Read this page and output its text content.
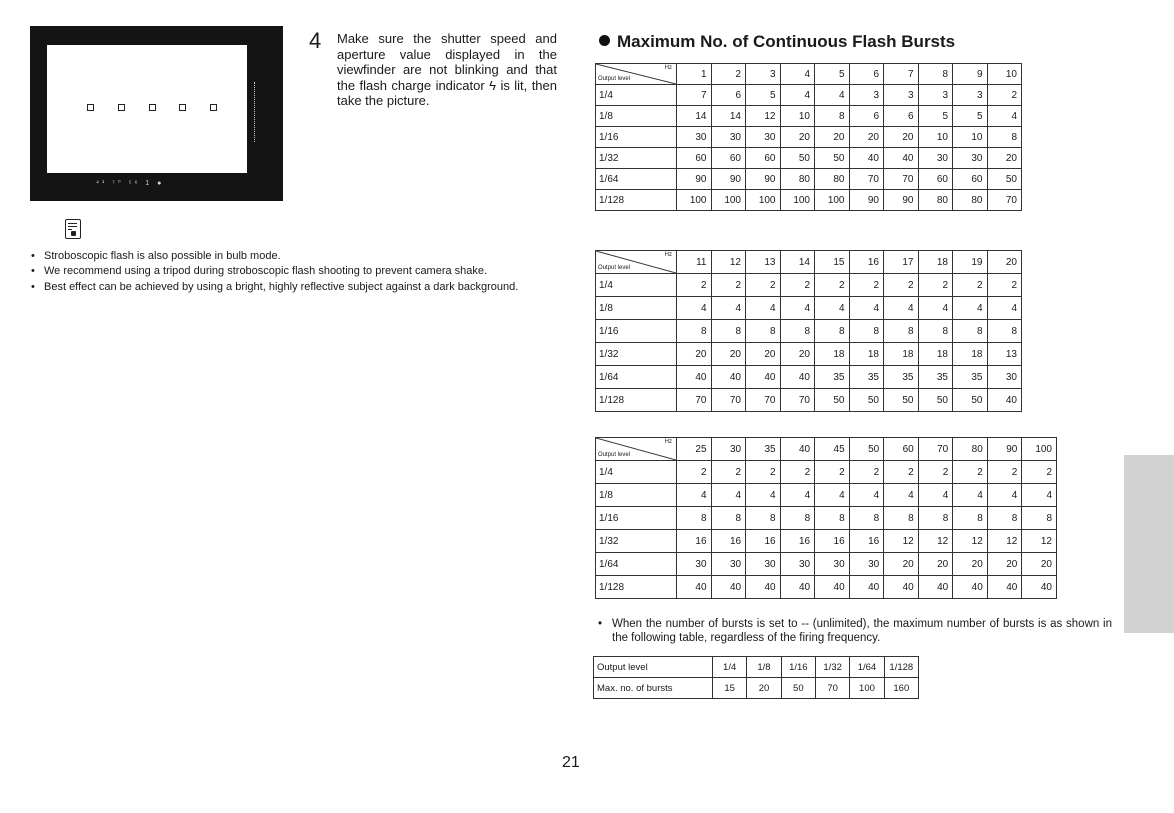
⁴¹ ⁷⁰ ⁵⁶ 1 ●
4 Make sure the shutter speed and aperture value displayed in the viewfinder are not blinking and that the flash charge indicator ϟ is lit, then take the picture.
• Stroboscopic flash is also possible in bulb mode.
• We recommend using a tripod during stroboscopic flash shooting to prevent camera shake.
• Best effect can be achieved by using a bright, highly reflective subject against a dark background.
Maximum No. of Continuous Flash Bursts
Hz
Output level	1	2	3	4	5	6	7	8	9	10
1/4	7	6	5	4	4	3	3	3	3	2
1/8	14	14	12	10	8	6	6	5	5	4
1/16	30	30	30	20	20	20	20	10	10	8
1/32	60	60	60	50	50	40	40	30	30	20
1/64	90	90	90	80	80	70	70	60	60	50
1/128	100	100	100	100	100	90	90	80	80	70
Hz
Output level	11	12	13	14	15	16	17	18	19	20
1/4	2	2	2	2	2	2	2	2	2	2
1/8	4	4	4	4	4	4	4	4	4	4
1/16	8	8	8	8	8	8	8	8	8	8
1/32	20	20	20	20	18	18	18	18	18	13
1/64	40	40	40	40	35	35	35	35	35	30
1/128	70	70	70	70	50	50	50	50	50	40
Hz
Output level	25	30	35	40	45	50	60	70	80	90	100
1/4	2	2	2	2	2	2	2	2	2	2	2
1/8	4	4	4	4	4	4	4	4	4	4	4
1/16	8	8	8	8	8	8	8	8	8	8	8
1/32	16	16	16	16	16	16	12	12	12	12	12
1/64	30	30	30	30	30	30	20	20	20	20	20
1/128	40	40	40	40	40	40	40	40	40	40	40
• When the number of bursts is set to -- (unlimited), the maximum number of bursts is as shown in the following table, regardless of the firing frequency.
Output level	1/4	1/8	1/16	1/32	1/64	1/128
Max. no. of bursts	15	20	50	70	100	160
21
